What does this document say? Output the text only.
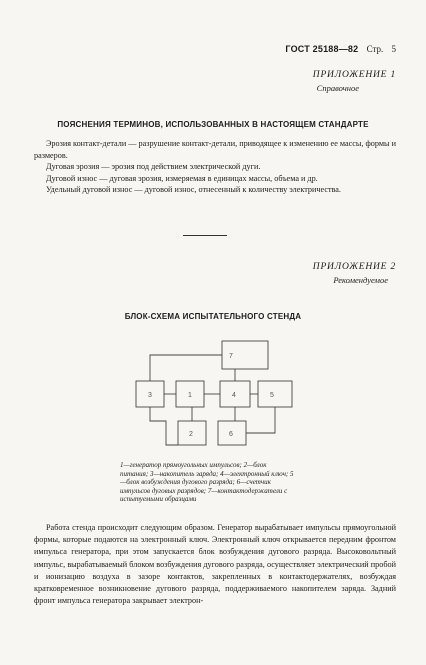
ГОСТ 25188—82 Стр. 5
ПРИЛОЖЕНИЕ 1
Справочное
ПОЯСНЕНИЯ ТЕРМИНОВ, ИСПОЛЬЗОВАННЫХ В НАСТОЯЩЕМ СТАНДАРТЕ

Эрозия контакт-детали — разрушение контакт-детали, приводящее к изменению ее массы, формы и размеров.

Дуговая эрозия — эрозия под действием электрической дуги.

Дуговой износ — дуговая эрозия, измеряемая в единицах массы, объема и др.

Удельный дуговой износ — дуговой износ, отнесенный к количеству электричества.

ПРИЛОЖЕНИЕ 2
Рекомендуемое
БЛОК-СХЕМА ИСПЫТАТЕЛЬНОГО СТЕНДА
7
3	1	4	5
2	6
1—генератор прямоугольных импульсов; 2—блок питания; 3—накопитель заряда; 4—электронный ключ; 5—блок возбуждения дугового разряда; 6—счетчик импульсов дуговых разрядов; 7—контактодержатели с испытуемыми образцами

Работа стенда происходит следующим образом. Генератор вырабатывает импульсы прямоугольной формы, которые подаются на электронный ключ. Электронный ключ открывается передним фронтом импульса генератора, при этом запускается блок возбуждения дугового разряда. Высоковольтный импульс, вырабатываемый блоком возбуждения дугового разряда, осуществляет электрический пробой и ионизацию воздуха в зазоре контактов, закрепленных в контактодержателях, возбуждая кратковременное возникновение дугового разряда, поддерживаемого накопителем заряда. Задний фронт импульса генератора закрывает электрон-
